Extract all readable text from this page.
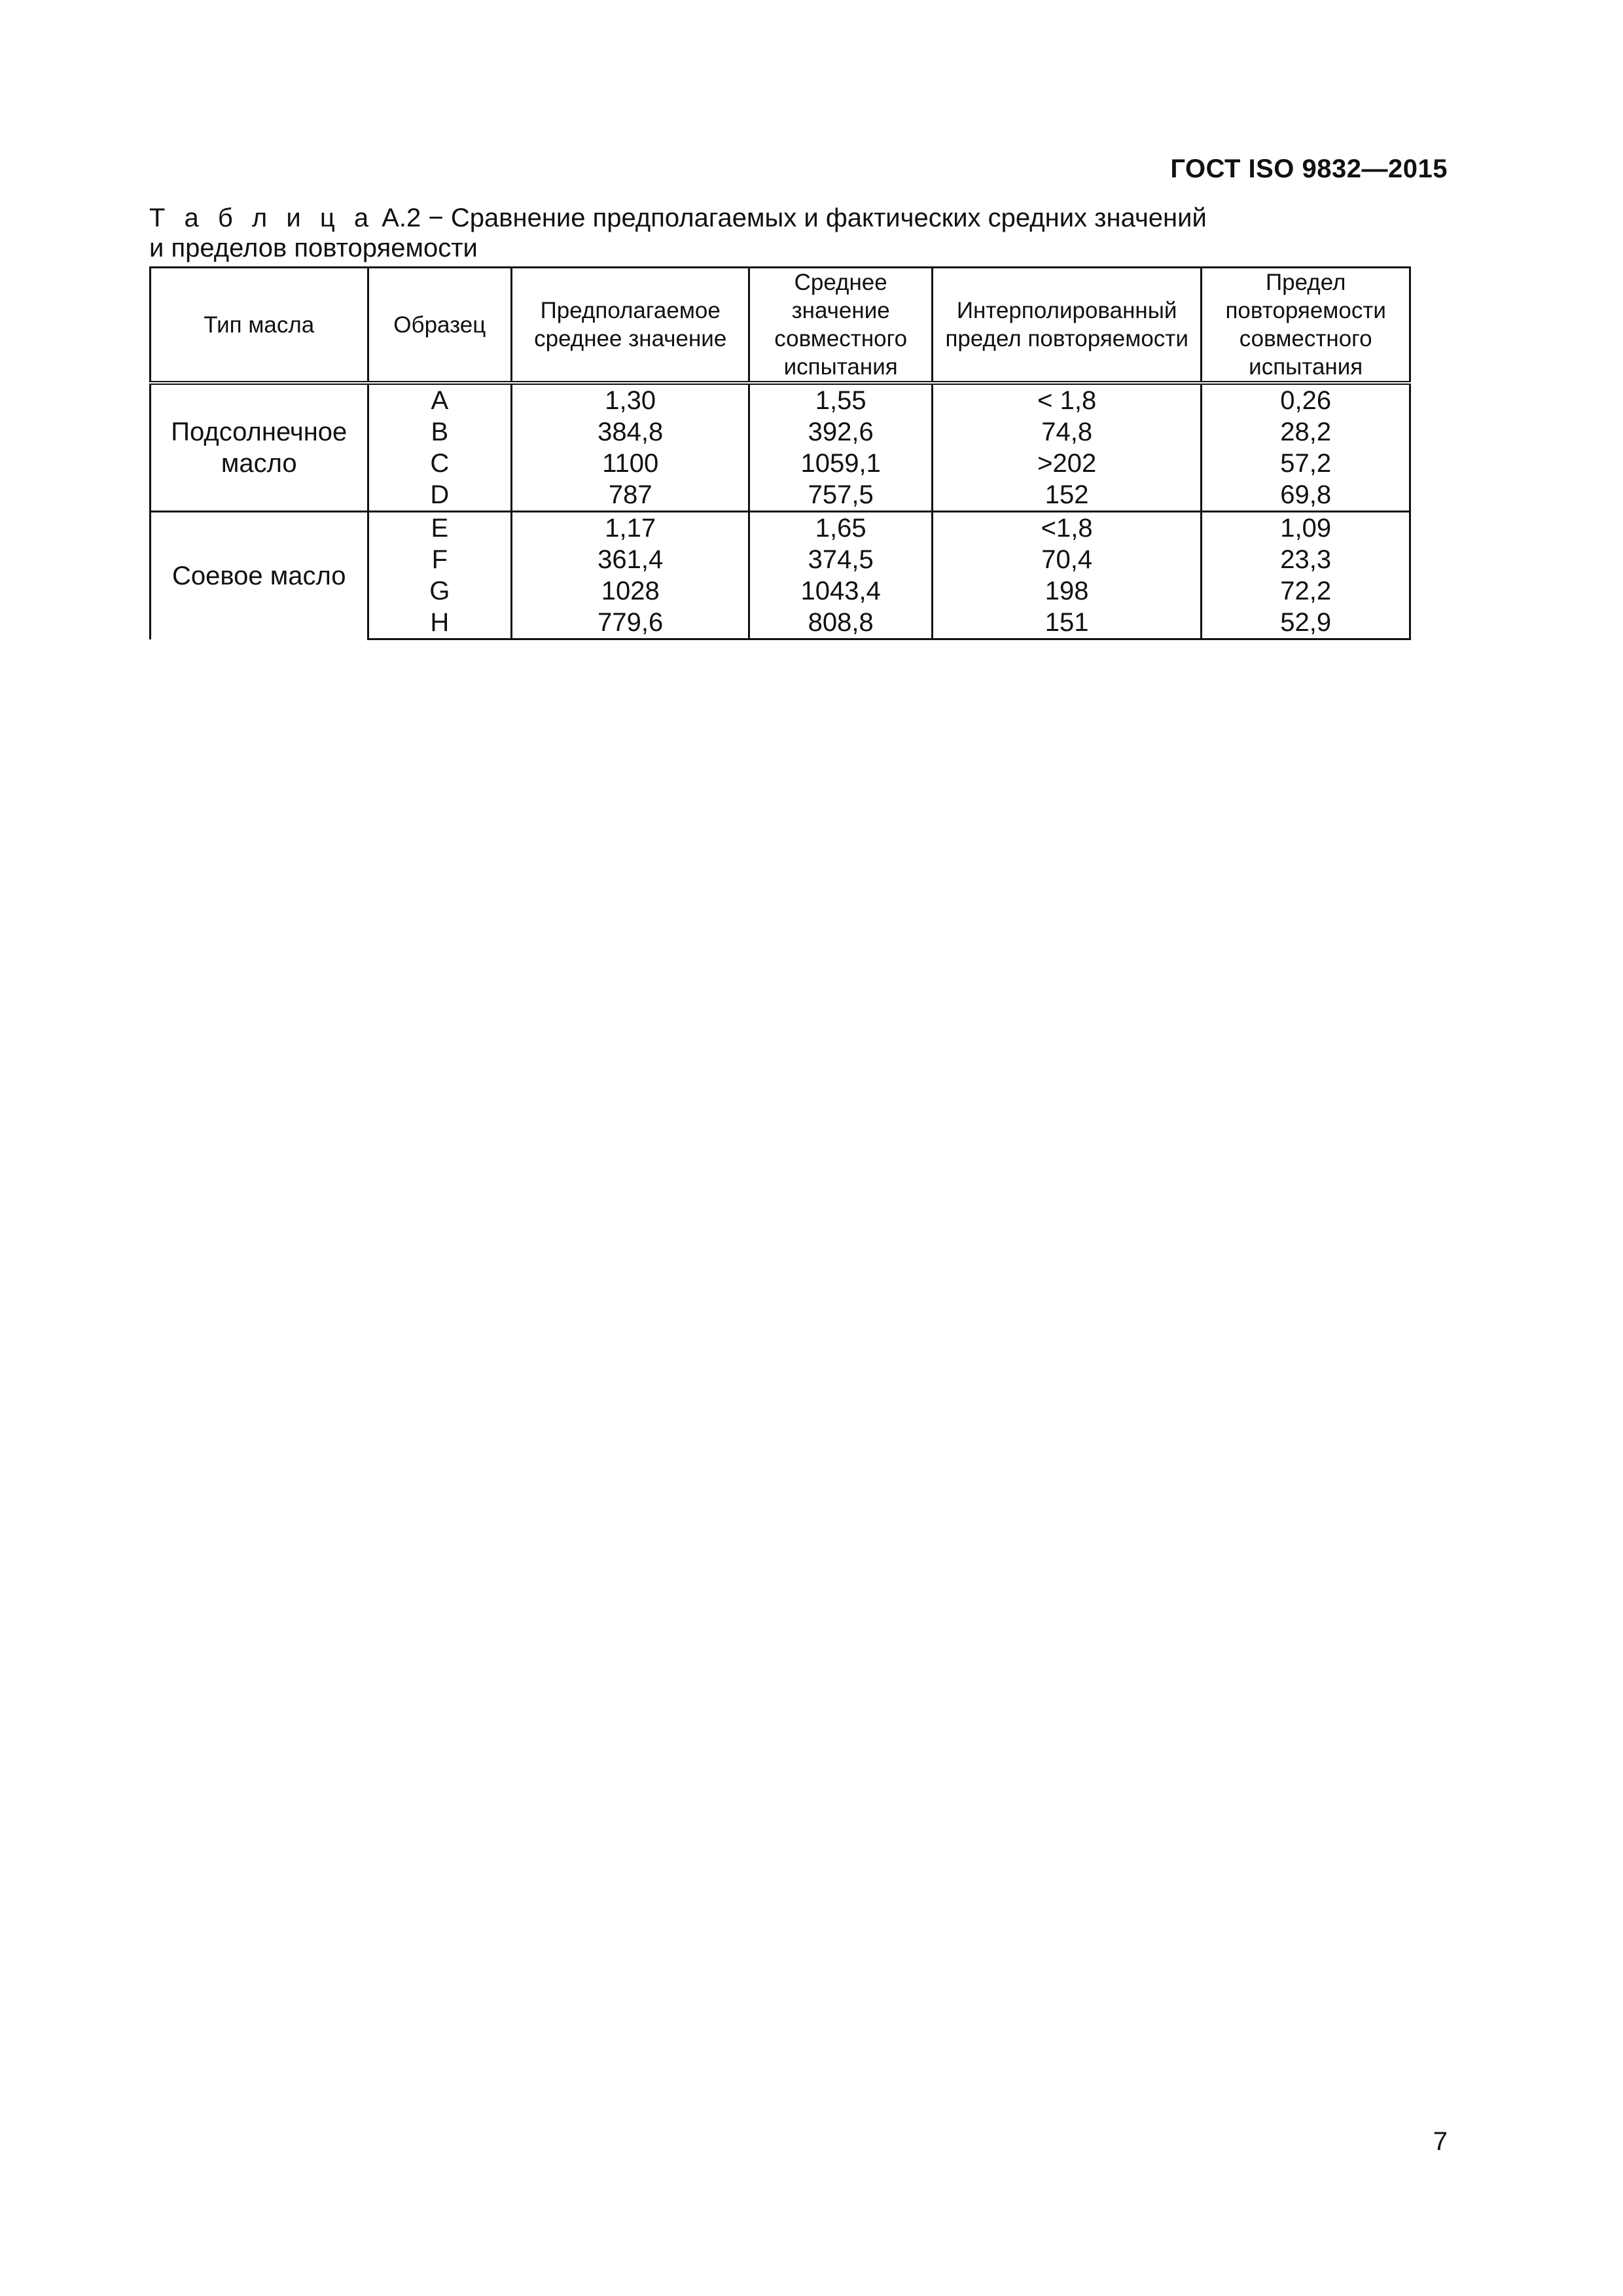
ГОСТ ISO 9832—2015
Т а б л и ц а А.2 − Сравнение предполагаемых и фактических средних значений
и пределов повторяемости
Тип масла	Образец	Предполагаемое среднее значение	Среднее значение совместного испытания	Интерполированный предел повторяемости	Предел повторяемости совместного испытания
Подсолнечное масло	A	1,30	1,55	< 1,8	0,26
	B	384,8	392,6	74,8	28,2
	C	1100	1059,1	>202	57,2
	D	787	757,5	152	69,8
Соевое масло	E	1,17	1,65	<1,8	1,09
	F	361,4	374,5	70,4	23,3
	G	1028	1043,4	198	72,2
	H	779,6	808,8	151	52,9
7
